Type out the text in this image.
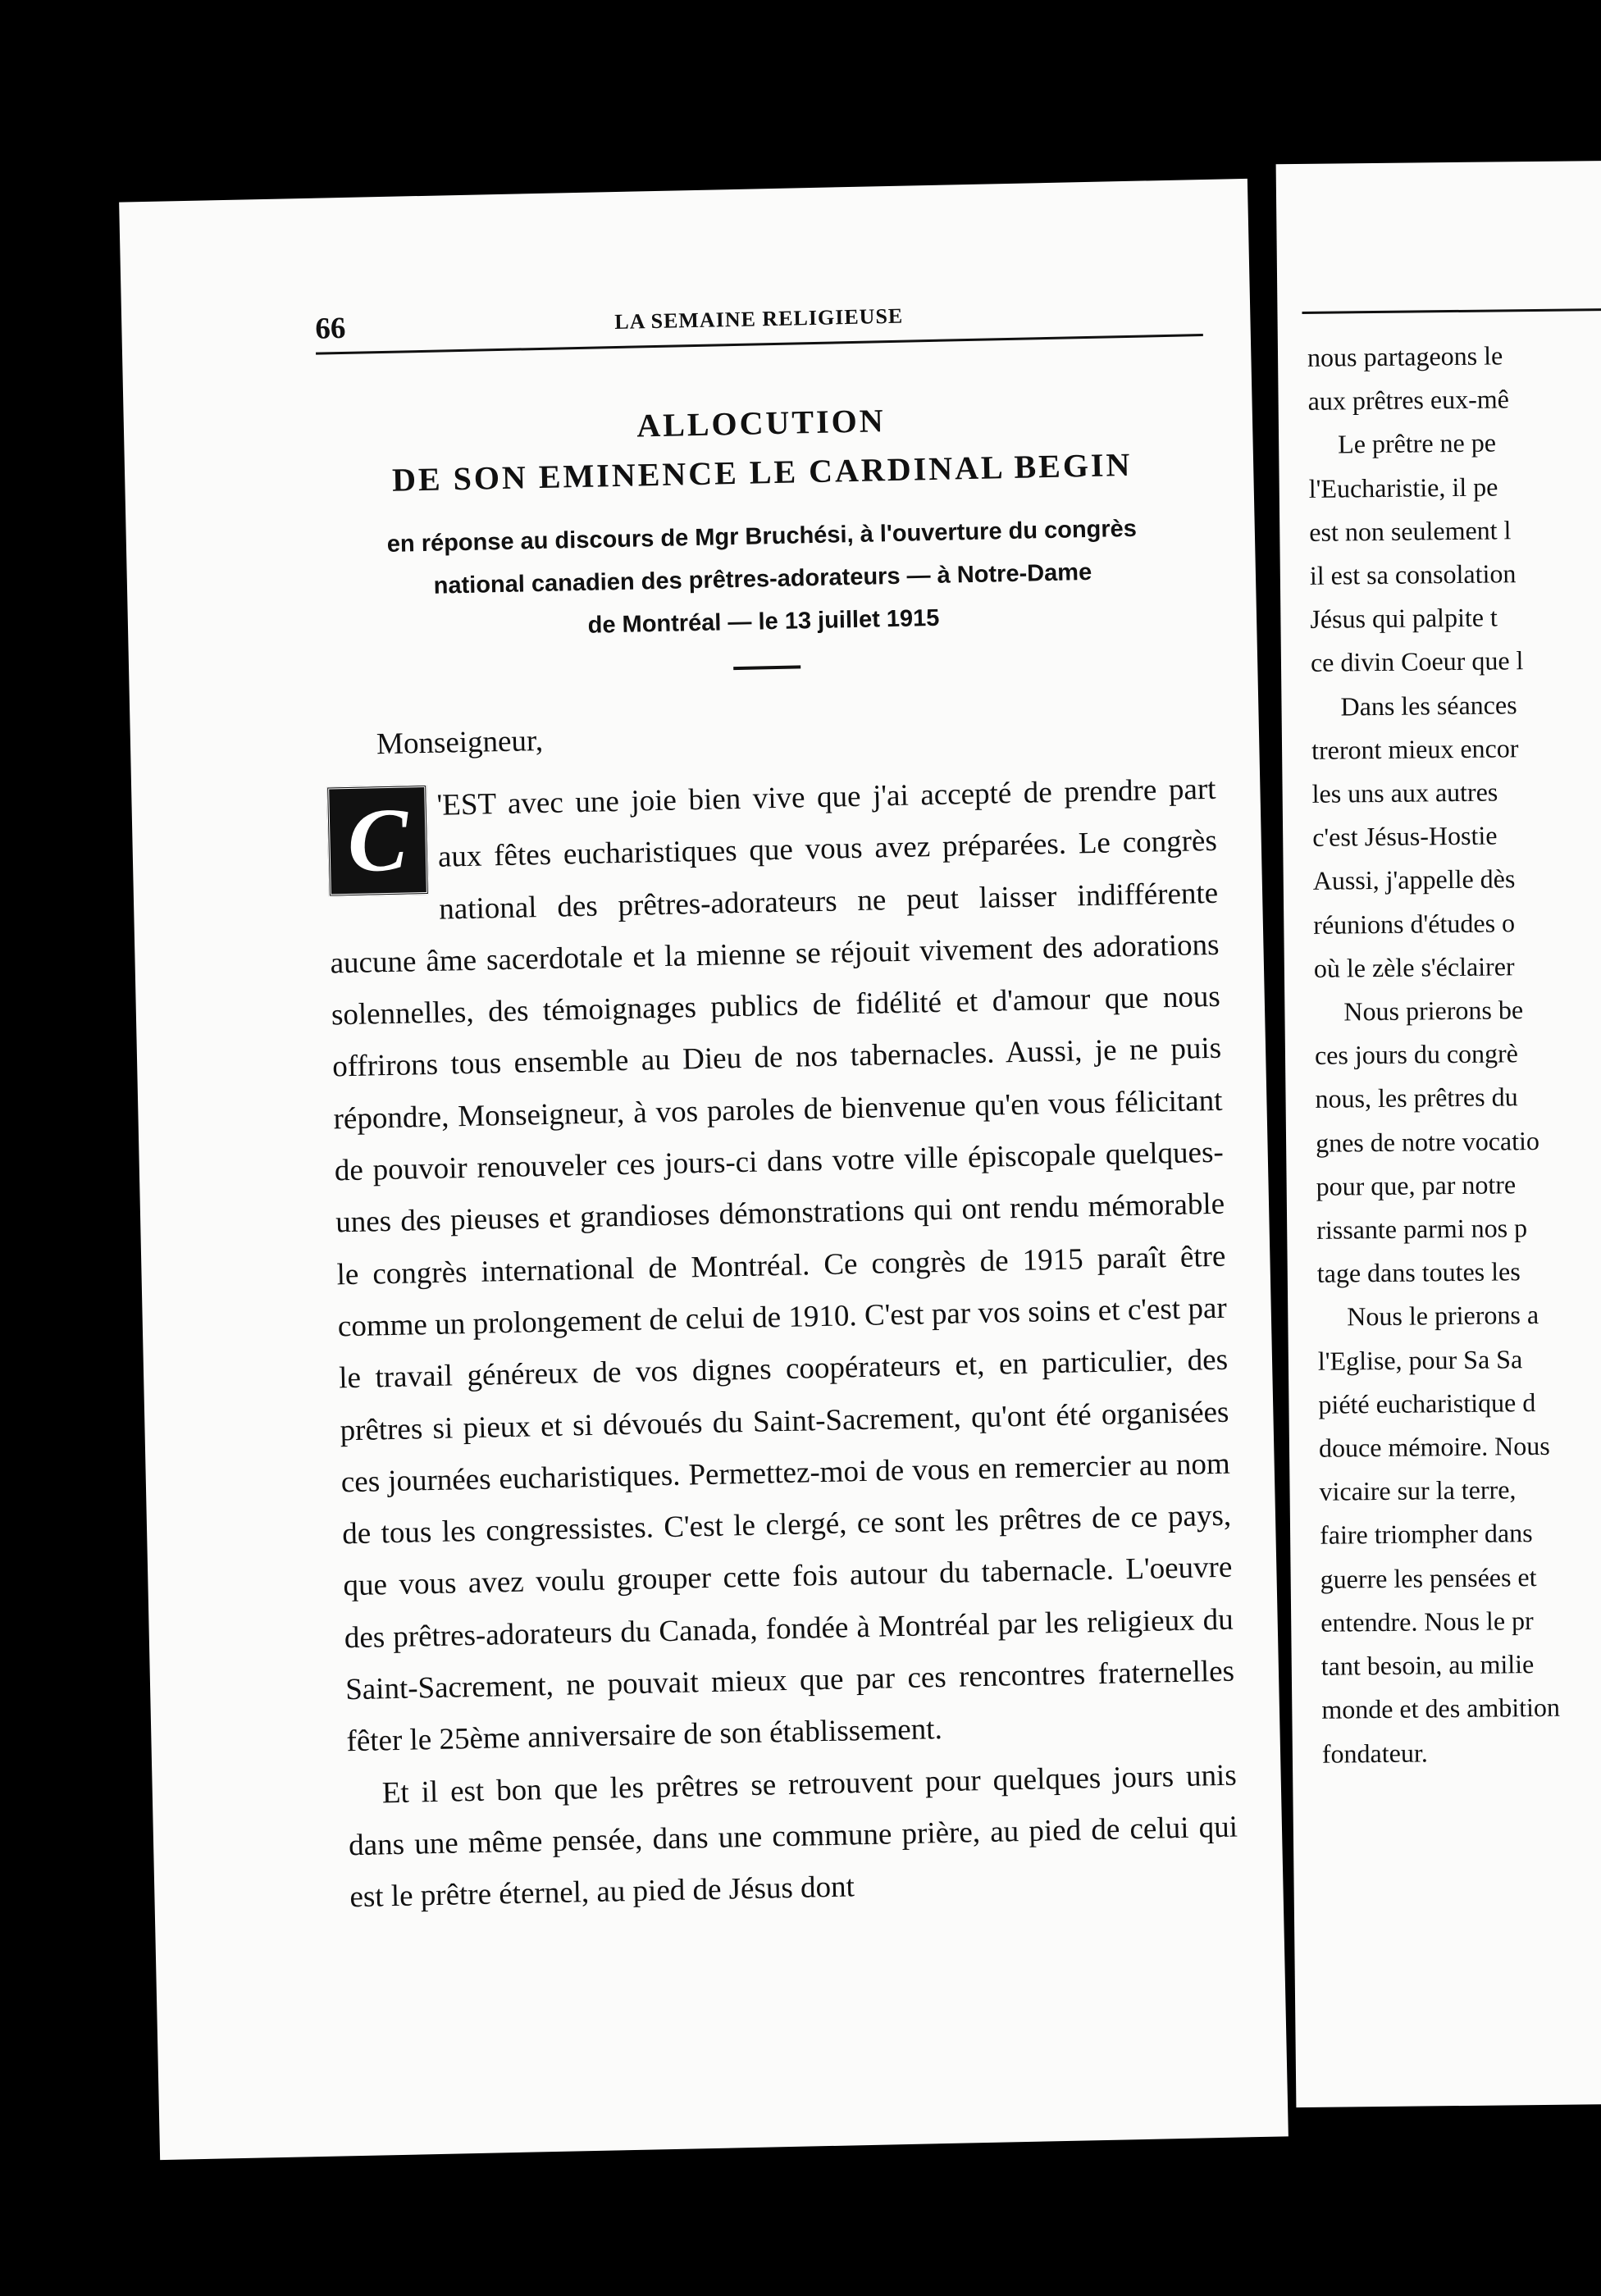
66	LA SEMAINE RELIGIEUSE
ALLOCUTION
DE SON EMINENCE LE CARDINAL BEGIN
en réponse au discours de Mgr Bruchési, à l'ouverture du congrès
national canadien des prêtres-adorateurs — à Notre-Dame
de Montréal — le 13 juillet 1915
Monseigneur,
C 'EST avec une joie bien vive que j'ai accepté de prendre part aux fêtes eucharistiques que vous avez préparées. Le congrès national des prêtres-adorateurs ne peut laisser indifférente aucune âme sacerdotale et la mienne se réjouit vivement des adorations solennelles, des témoignages publics de fidélité et d'amour que nous offrirons tous ensemble au Dieu de nos tabernacles. Aussi, je ne puis répondre, Monseigneur, à vos paroles de bienvenue qu'en vous félicitant de pouvoir renouveler ces jours-ci dans votre ville épiscopale quelques-unes des pieuses et grandioses démonstrations qui ont rendu mémorable le congrès international de Montréal. Ce congrès de 1915 paraît être comme un prolongement de celui de 1910. C'est par vos soins et c'est par le travail généreux de vos dignes coopérateurs et, en particulier, des prêtres si pieux et si dévoués du Saint-Sacrement, qu'ont été organisées ces journées eucharistiques. Permettez-moi de vous en remercier au nom de tous les congressistes. C'est le clergé, ce sont les prêtres de ce pays, que vous avez voulu grouper cette fois autour du tabernacle. L'oeuvre des prêtres-adorateurs du Canada, fondée à Montréal par les religieux du Saint-Sacrement, ne pouvait mieux que par ces rencontres fraternelles fêter le 25ème anniversaire de son établissement.

Et il est bon que les prêtres se retrouvent pour quelques jours unis dans une même pensée, dans une commune prière, au pied de celui qui est le prêtre éternel, au pied de Jésus dont

nous partageons le
aux prêtres eux-mê
Le prêtre ne pe
l'Eucharistie, il pe
est non seulement l
il est sa consolation
Jésus qui palpite t
ce divin Coeur que l
Dans les séances
treront mieux encor
les uns aux autres
c'est Jésus-Hostie
Aussi, j'appelle dès
réunions d'études o
où le zèle s'éclairer
Nous prierons be
ces jours du congrè
nous, les prêtres du
gnes de notre vocatio
pour que, par notre
rissante parmi nos p
tage dans toutes les
Nous le prierons a
l'Eglise, pour Sa Sa
piété eucharistique d
douce mémoire. Nous
vicaire sur la terre,
faire triompher dans
guerre les pensées et
entendre. Nous le pr
tant besoin, au milie
monde et des ambition
fondateur.
